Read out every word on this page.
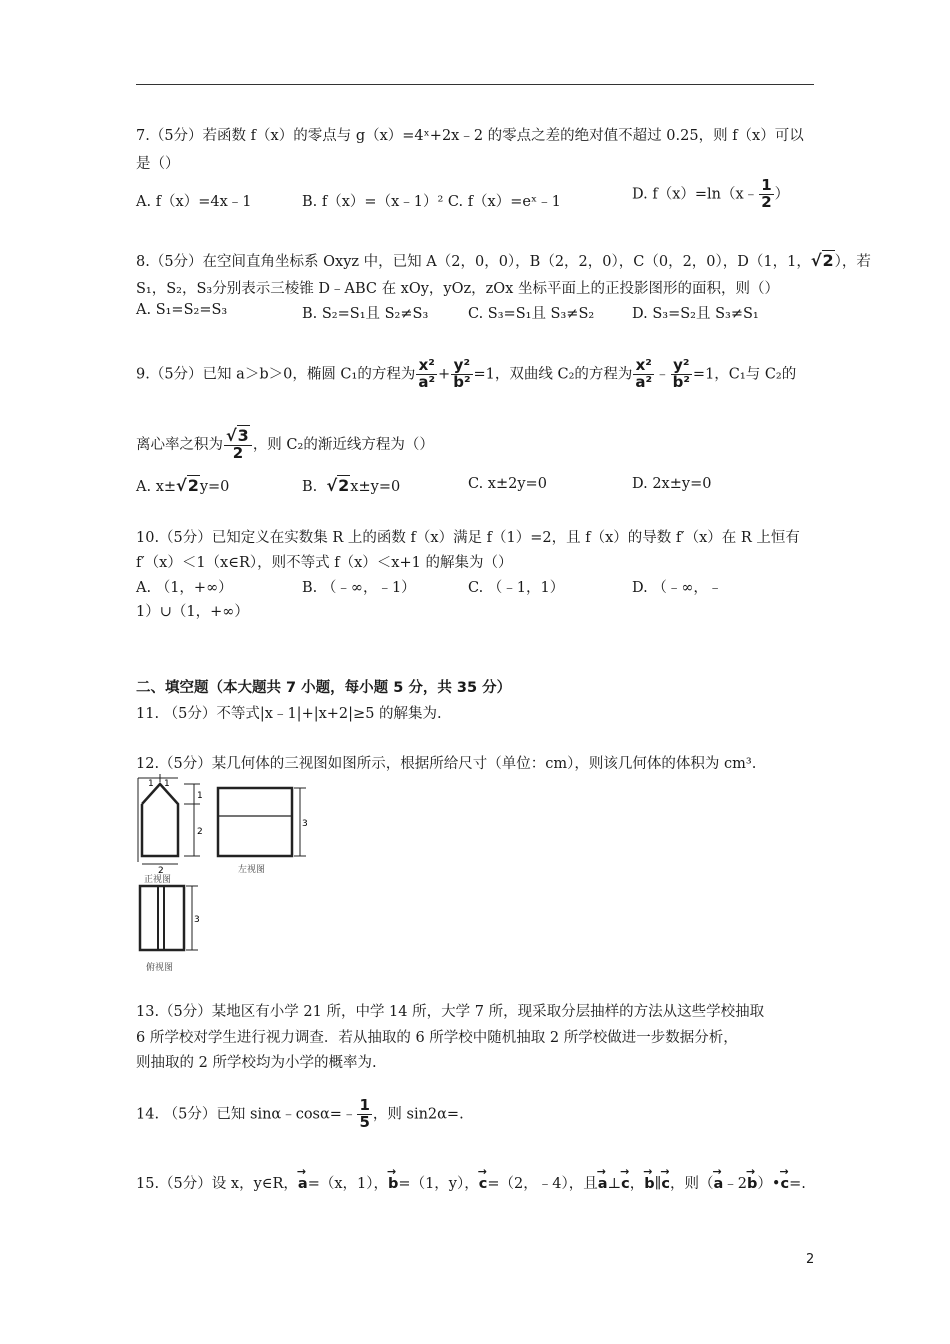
7.（5分）若函数 f（x）的零点与 g（x）=4ˣ+2x﹣2 的零点之差的绝对值不超过 0.25，则 f（x）可以
是（）
A. f（x）=4x﹣1	B. f（x）=（x﹣1）² C. f（x）=eˣ﹣1	D. f（x）=ln（x﹣ $\frac{1}{2}$ ）
8.（5分）在空间直角坐标系 Oxyz 中，已知 A（2，0，0），B（2，2，0），C（0，2，0），D（1，1，√2），若
S₁，S₂，S₃分别表示三棱锥 D﹣ABC 在 xOy，yOz，zOx 坐标平面上的正投影图形的面积，则（）
A. S₁=S₂=S₃	B. S₂=S₁且 S₂≠S₃	C. S₃=S₁且 S₃≠S₂	D. S₃=S₂且 S₃≠S₁
9.（5分）已知 a＞b＞0，椭圆 C₁的方程为 $\frac{\text{x²}}{\text{a²}} + \frac{\text{y²}}{\text{b²}} =1$，双曲线 C₂的方程为 $\frac{\text{x²}}{\text{a²}}$ ﹣ $\frac{\text{y²}}{\text{b²}} =1$，C₁与 C₂的
离心率之积为 $\frac{√3}{2}$ ，则 C₂的渐近线方程为（）
A. x±√2y=0	B. √2x±y=0	C. x±2y=0	D. 2x±y=0
10.（5分）已知定义在实数集 R 上的函数 f（x）满足 f（1）=2，且 f（x）的导数 f′（x）在 R 上恒有
f′（x）＜1（x∈R），则不等式 f（x）＜x+1 的解集为（）
A. （1，+∞）	B. （﹣∞，﹣1）	C. （﹣1，1）	D. （﹣∞，﹣
1）∪（1，+∞）
二、填空题（本大题共 7 小题，每小题 5 分，共 35 分）
11. （5分）不等式|x﹣1|+|x+2|≥5 的解集为.
12.（5分）某几何体的三视图如图所示，根据所给尺寸（单位：cm），则该几何体的体积为 cm³.
1 1
1
2
2
3
正视图
左视图
3
俯视图
13.（5分）某地区有小学 21 所，中学 14 所，大学 7 所，现采取分层抽样的方法从这些学校抽取
6 所学校对学生进行视力调查．若从抽取的 6 所学校中随机抽取 2 所学校做进一步数据分析，
则抽取的 2 所学校均为小学的概率为.
14. （5分）已知 sinα﹣cosα=﹣ $\frac{1}{5}$ ，则 sin2α=.
15.（5分）设 x，y∈R，→ a=（x，1），→ b=（1，y），→ c=（2，﹣4），且→ a⊥→ c，→ b∥→ c，则（→ a﹣2→ b）•→ c=.
2
